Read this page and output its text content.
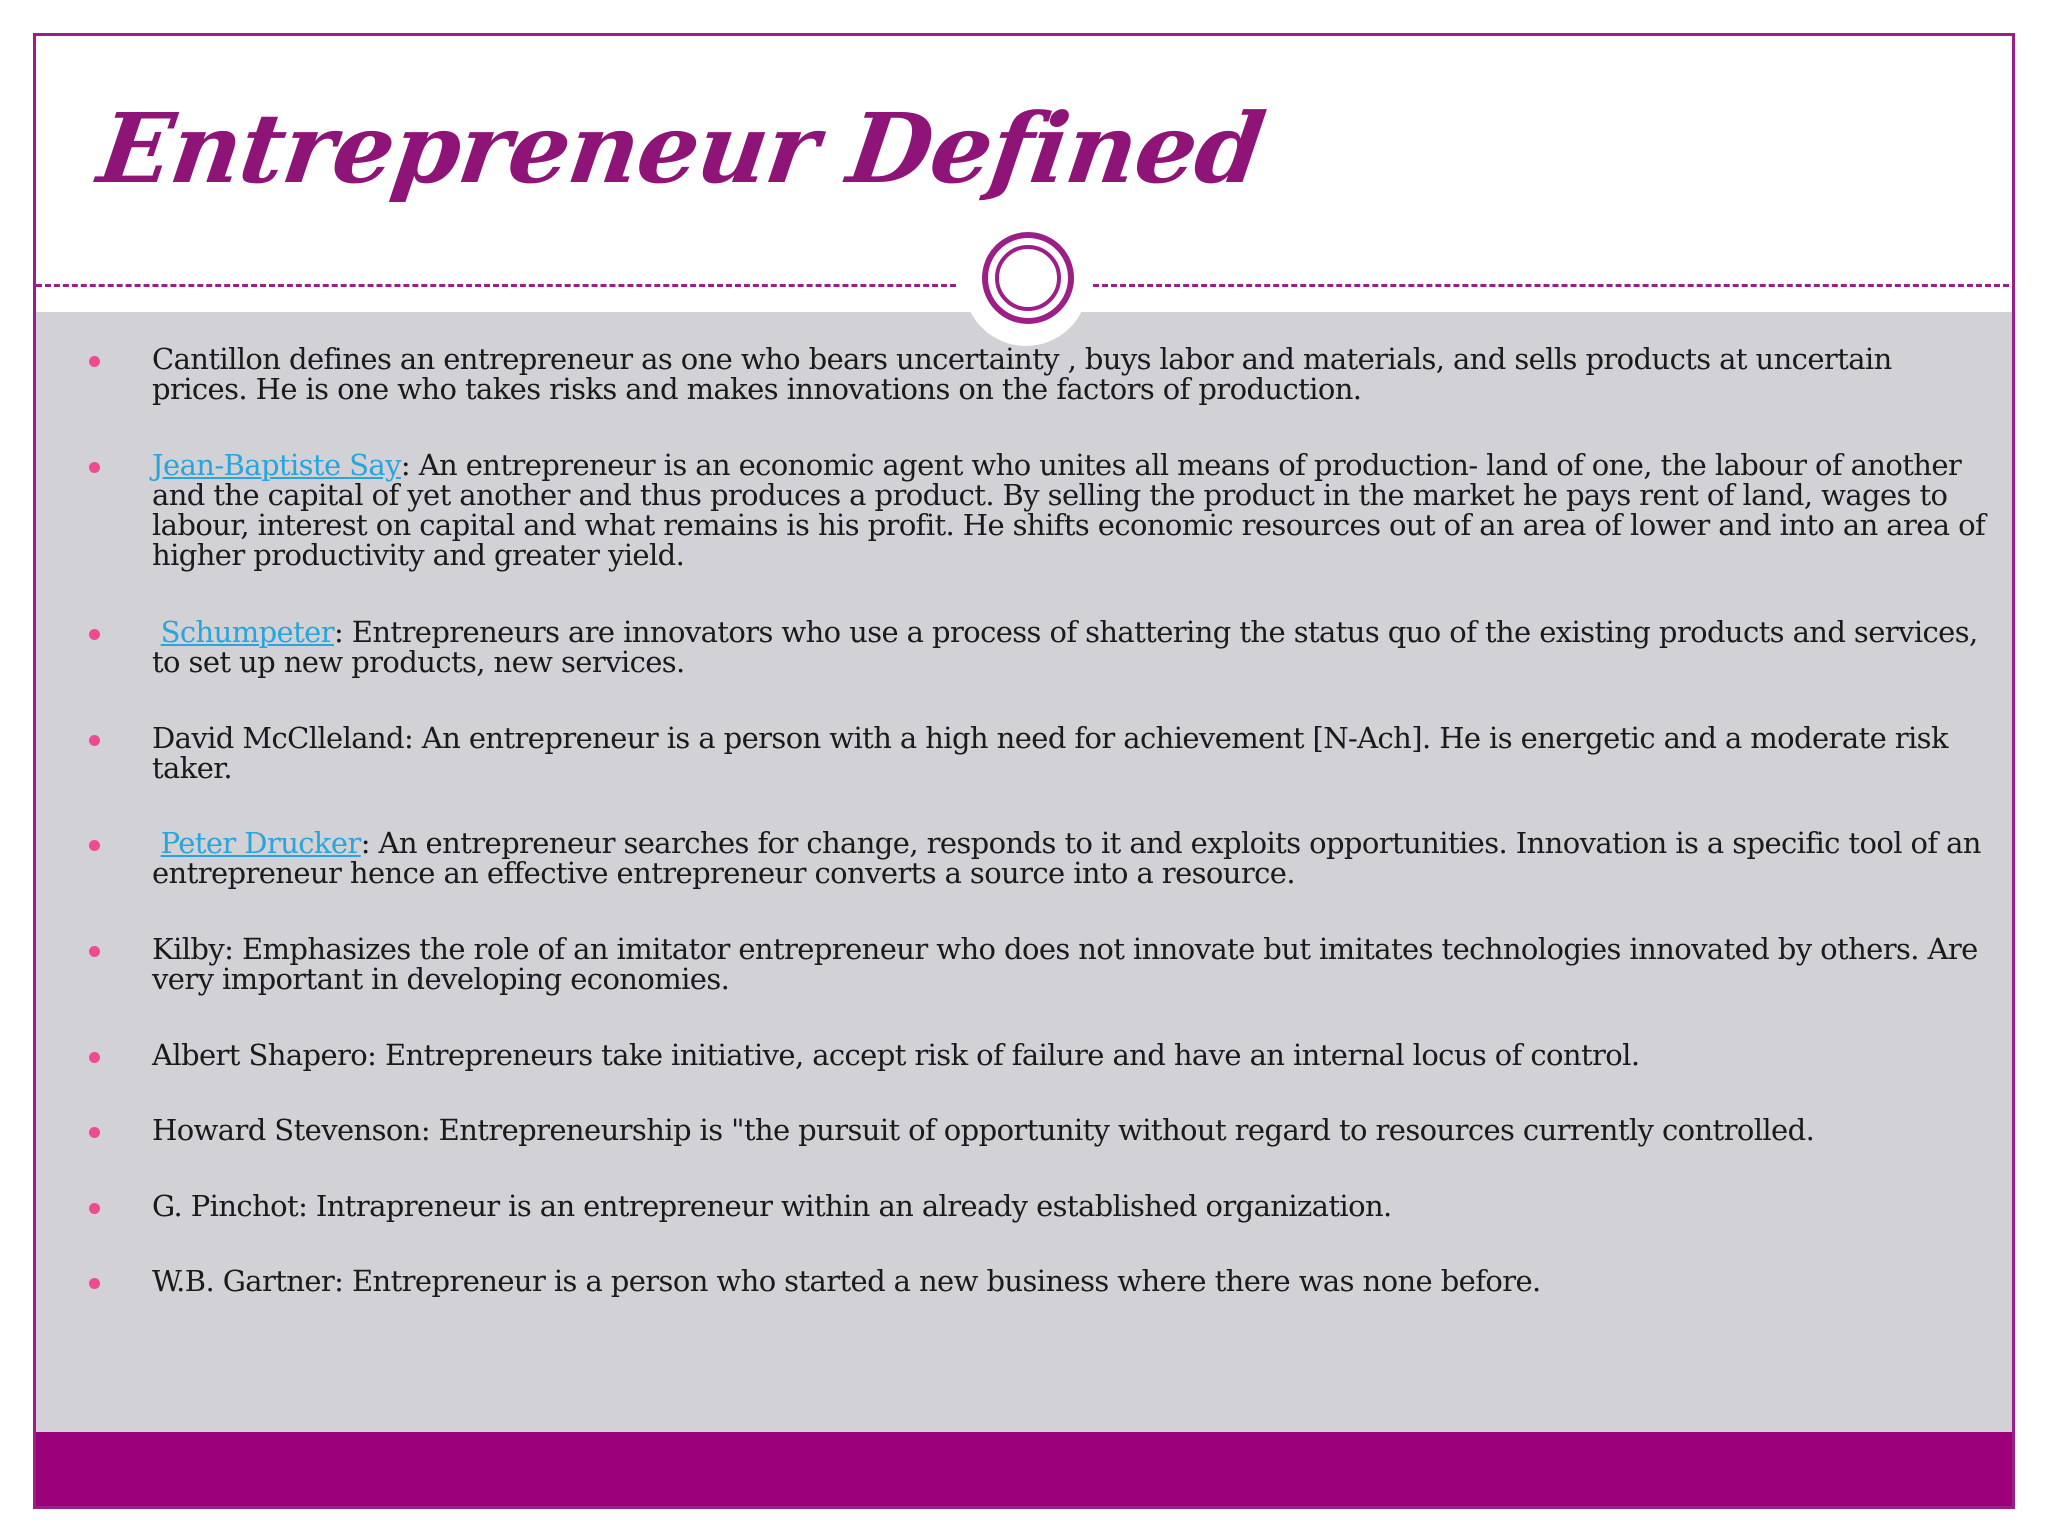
Entrepreneur Defined
Cantillon defines an entrepreneur as one who bears uncertainty , buys labor and materials, and sells products at uncertain prices. He is one who takes risks and makes innovations on the factors of production.
Jean-Baptiste Say: An entrepreneur is an economic agent who unites all means of production- land of one, the labour of another and the capital of yet another and thus produces a product. By selling the product in the market he pays rent of land, wages to labour, interest on capital and what remains is his profit. He shifts economic resources out of an area of lower and into an area of higher productivity and greater yield.
Schumpeter: Entrepreneurs are innovators who use a process of shattering the status quo of the existing products and services, to set up new products, new services.
David McClleland: An entrepreneur is a person with a high need for achievement [N-Ach]. He is energetic and a moderate risk taker.
Peter Drucker: An entrepreneur searches for change, responds to it and exploits opportunities. Innovation is a specific tool of an entrepreneur hence an effective entrepreneur converts a source into a resource.
Kilby: Emphasizes the role of an imitator entrepreneur who does not innovate but imitates technologies innovated by others. Are very important in developing economies.
Albert Shapero: Entrepreneurs take initiative, accept risk of failure and have an internal locus of control.
Howard Stevenson: Entrepreneurship is "the pursuit of opportunity without regard to resources currently controlled.
G. Pinchot: Intrapreneur is an entrepreneur within an already established organization.
W.B. Gartner: Entrepreneur is a person who started a new business where there was none before.
